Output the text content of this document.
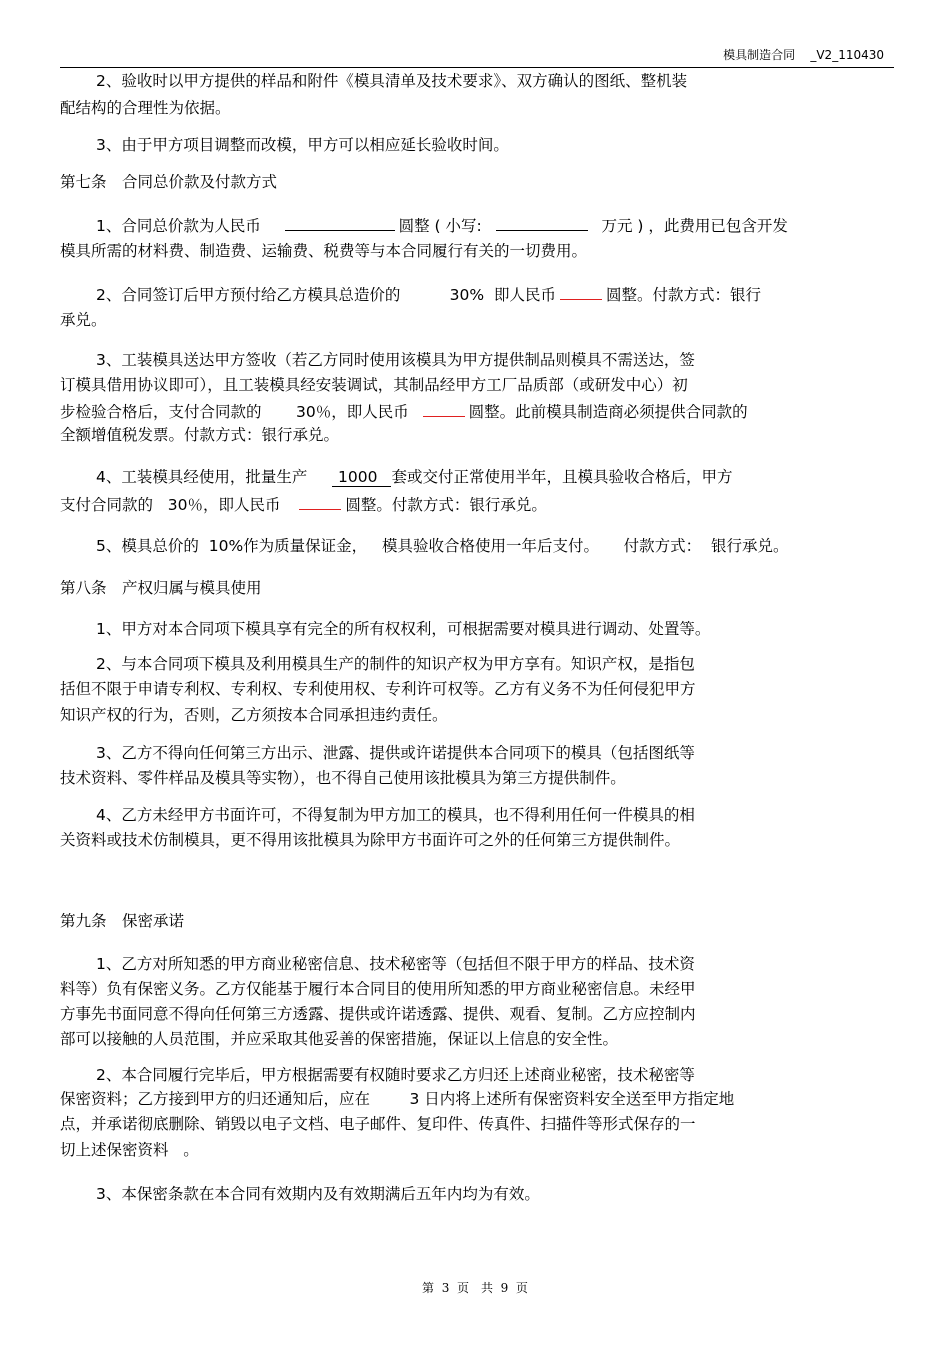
模具制造合同 _V2_110430
2、验收时以甲方提供的样品和附件《模具清单及技术要求》、双方确认的图纸、整机装
配结构的合理性为依据。
3、由于甲方项目调整而改模，甲方可以相应延长验收时间。
第七条　合同总价款及付款方式
1、合同总价款为人民币	圆整 ( 小写:	万元 ) ，此费用已包含开发
模具所需的材料费、制造费、运输费、税费等与本合同履行有关的一切费用。
2、合同签订后甲方预付给乙方模具总造价的	30% 即人民币	圆整。付款方式：银行
承兑。
3、工装模具送达甲方签收（若乙方同时使用该模具为甲方提供制品则模具不需送达，签
订模具借用协议即可），且工装模具经安装调试，其制品经甲方工厂品质部（或研发中心）初
步检验合格后，支付合同款的 30％，即人民币	圆整。此前模具制造商必须提供合同款的
全额增值税发票。付款方式：银行承兑。
4、工装模具经使用，批量生产 1000 套或交付正常使用半年，且模具验收合格后，甲方
支付合同款的 30％，即人民币	圆整。付款方式：银行承兑。
5、模具总价的 10%作为质量保证金， 模具验收合格使用一年后支付。 付款方式： 银行承兑。
第八条　产权归属与模具使用
1、甲方对本合同项下模具享有完全的所有权权利，可根据需要对模具进行调动、处置等。
2、与本合同项下模具及利用模具生产的制件的知识产权为甲方享有。知识产权，是指包
括但不限于申请专利权、专利权、专利使用权、专利许可权等。乙方有义务不为任何侵犯甲方
知识产权的行为，否则，乙方须按本合同承担违约责任。
3、乙方不得向任何第三方出示、泄露、提供或许诺提供本合同项下的模具（包括图纸等
技术资料、零件样品及模具等实物），也不得自己使用该批模具为第三方提供制件。
4、乙方未经甲方书面许可，不得复制为甲方加工的模具，也不得利用任何一件模具的相
关资料或技术仿制模具，更不得用该批模具为除甲方书面许可之外的任何第三方提供制件。
第九条　保密承诺
1、乙方对所知悉的甲方商业秘密信息、技术秘密等（包括但不限于甲方的样品、技术资
料等）负有保密义务。乙方仅能基于履行本合同目的使用所知悉的甲方商业秘密信息。未经甲
方事先书面同意不得向任何第三方透露、提供或许诺透露、提供、观看、复制。乙方应控制内
部可以接触的人员范围，并应采取其他妥善的保密措施，保证以上信息的安全性。
2、本合同履行完毕后，甲方根据需要有权随时要求乙方归还上述商业秘密，技术秘密等
保密资料；乙方接到甲方的归还通知后，应在	3 日内将上述所有保密资料安全送至甲方指定地
点，并承诺彻底删除、销毁以电子文档、电子邮件、复印件、传真件、扫描件等形式保存的一
切上述保密资料 。
3、本保密条款在本合同有效期内及有效期满后五年内均为有效。
第 3 页　共 9 页
